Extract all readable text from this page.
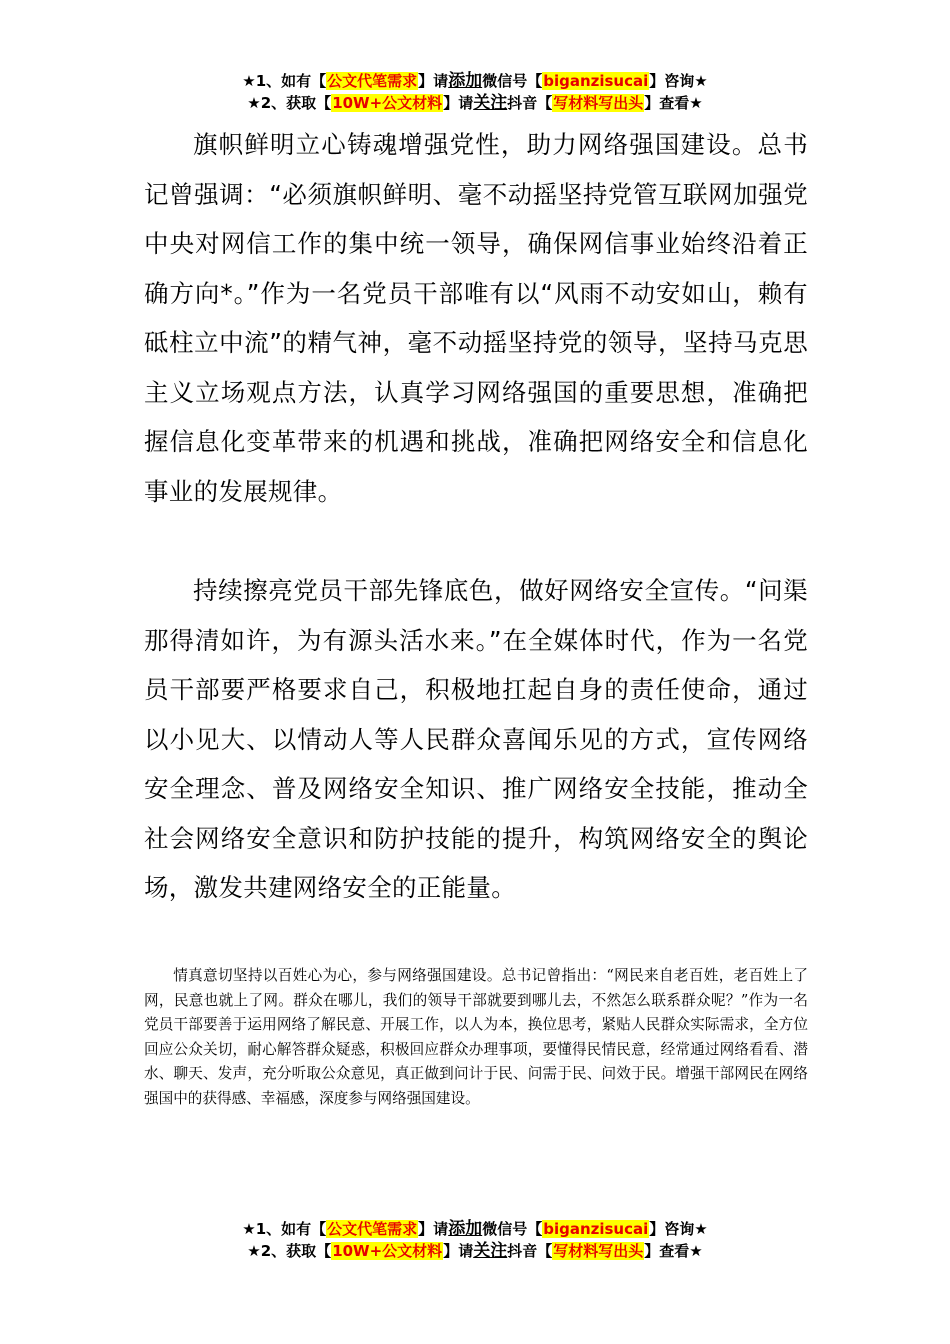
★1、如有【公文代笔需求】请添加微信号【biganzisucai】咨询★
★2、获取【10W+公文材料】请关注抖音【写材料写出头】查看★

旗帜鲜明立心铸魂增强党性，助力网络强国建设。总书记曾强调：“必须旗帜鲜明、毫不动摇坚持党管互联网加强党中央对网信工作的集中统一领导，确保网信事业始终沿着正确方向*。”作为一名党员干部唯有以“风雨不动安如山，赖有砥柱立中流”的精气神，毫不动摇坚持党的领导，坚持马克思主义立场观点方法，认真学习网络强国的重要思想，准确把握信息化变革带来的机遇和挑战，准确把网络安全和信息化事业的发展规律。

持续擦亮党员干部先锋底色，做好网络安全宣传。“问渠那得清如许，为有源头活水来。”在全媒体时代，作为一名党员干部要严格要求自己，积极地扛起自身的责任使命，通过以小见大、以情动人等人民群众喜闻乐见的方式，宣传网络安全理念、普及网络安全知识、推广网络安全技能，推动全社会网络安全意识和防护技能的提升，构筑网络安全的舆论场，激发共建网络安全的正能量。

情真意切坚持以百姓心为心，参与网络强国建设。总书记曾指出：“网民来自老百姓，老百姓上了网，民意也就上了网。群众在哪儿，我们的领导干部就要到哪儿去，不然怎么联系群众呢？”作为一名党员干部要善于运用网络了解民意、开展工作，以人为本，换位思考，紧贴人民群众实际需求，全方位回应公众关切，耐心解答群众疑惑，积极回应群众办理事项，要懂得民情民意，经常通过网络看看、潜水、聊天、发声，充分听取公众意见，真正做到问计于民、问需于民、问效于民。增强干部网民在网络强国中的获得感、幸福感，深度参与网络强国建设。

★1、如有【公文代笔需求】请添加微信号【biganzisucai】咨询★
★2、获取【10W+公文材料】请关注抖音【写材料写出头】查看★
